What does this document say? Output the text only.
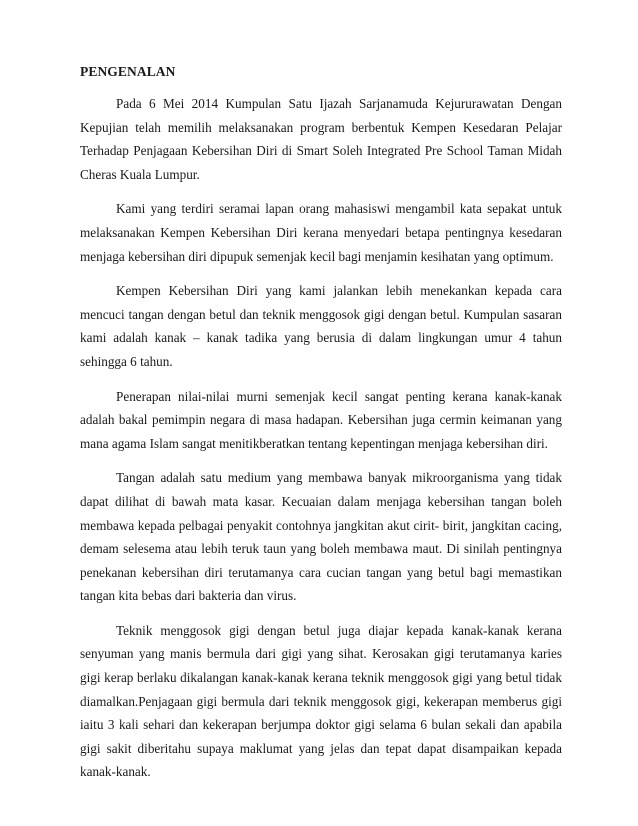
PENGENALAN

Pada 6 Mei 2014 Kumpulan Satu Ijazah Sarjanamuda Kejururawatan Dengan Kepujian telah memilih melaksanakan program berbentuk Kempen Kesedaran Pelajar Terhadap Penjagaan Kebersihan Diri di Smart Soleh Integrated Pre School Taman Midah Cheras Kuala Lumpur.

Kami yang terdiri seramai lapan orang mahasiswi mengambil kata sepakat untuk melaksanakan Kempen Kebersihan Diri kerana menyedari betapa pentingnya kesedaran menjaga kebersihan diri dipupuk semenjak kecil bagi menjamin kesihatan yang optimum.

Kempen Kebersihan Diri yang kami jalankan lebih menekankan kepada cara mencuci tangan dengan betul dan teknik menggosok gigi dengan betul. Kumpulan sasaran kami adalah kanak – kanak tadika yang berusia di dalam lingkungan umur 4 tahun sehingga 6 tahun.

Penerapan nilai-nilai murni semenjak kecil sangat penting kerana kanak-kanak adalah bakal pemimpin negara di masa hadapan. Kebersihan juga cermin keimanan yang mana agama Islam sangat menitikberatkan tentang kepentingan menjaga kebersihan diri.

Tangan adalah satu medium yang membawa banyak mikroorganisma yang tidak dapat dilihat di bawah mata kasar. Kecuaian dalam menjaga kebersihan tangan boleh membawa kepada pelbagai penyakit contohnya jangkitan akut cirit- birit, jangkitan cacing, demam selesema atau lebih teruk taun yang boleh membawa maut. Di sinilah pentingnya penekanan kebersihan diri terutamanya cara cucian tangan yang betul bagi memastikan tangan kita bebas dari bakteria dan virus.

Teknik menggosok gigi dengan betul juga diajar kepada kanak-kanak kerana senyuman yang manis bermula dari gigi yang sihat. Kerosakan gigi terutamanya karies gigi kerap berlaku dikalangan kanak-kanak kerana teknik menggosok gigi yang betul tidak diamalkan.Penjagaan gigi bermula dari teknik menggosok gigi, kekerapan memberus gigi iaitu 3 kali sehari dan kekerapan berjumpa doktor gigi selama 6 bulan sekali dan apabila gigi sakit diberitahu supaya maklumat yang jelas dan tepat dapat disampaikan kepada kanak-kanak.
